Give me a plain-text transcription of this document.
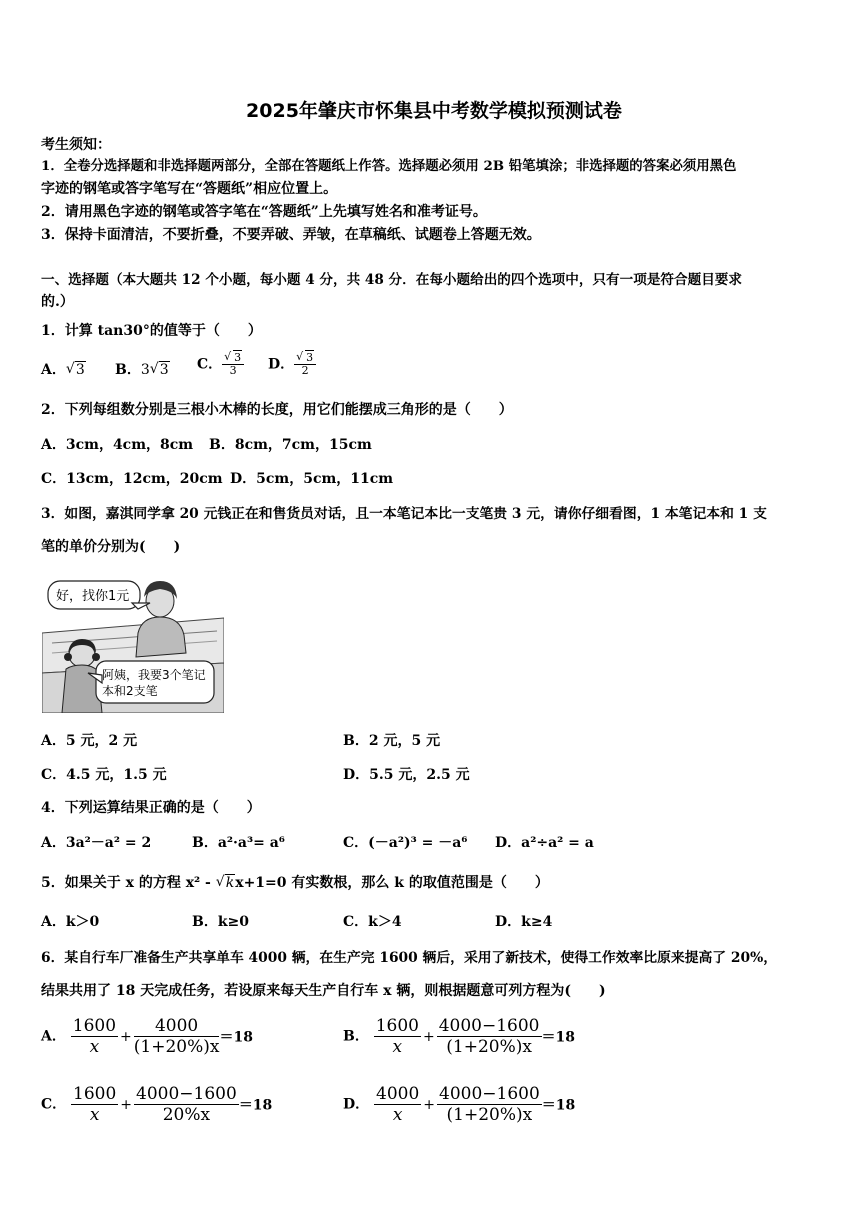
2025年肇庆市怀集县中考数学模拟预测试卷
考生须知：
1．全卷分选择题和非选择题两部分，全部在答题纸上作答。选择题必须用 2B 铅笔填涂；非选择题的答案必须用黑色
字迹的钢笔或答字笔写在“答题纸”相应位置上。
2．请用黑色字迹的钢笔或答字笔在“答题纸”上先填写姓名和准考证号。
3．保持卡面清洁，不要折叠，不要弄破、弄皱，在草稿纸、试题卷上答题无效。
一、选择题（本大题共 12 个小题，每小题 4 分，共 48 分．在每小题给出的四个选项中，只有一项是符合题目要求
的.）
1．计算 tan30°的值等于（　　）
A． √ 3 B．3 √ 3 C． √ $\frac{3}{3}$ D． √ $\frac{3}{2}$
2．下列每组数分别是三根小木棒的长度，用它们能摆成三角形的是（　　）
A．3cm，4cm，8cm B．8cm，7cm，15cm
C．13cm，12cm，20cm D．5cm，5cm，11cm
3．如图，嘉淇同学拿 20 元钱正在和售货员对话，且一本笔记本比一支笔贵 3 元，请你仔细看图，1 本笔记本和 1 支
笔的单价分别为(　　)
好，找你1元
阿姨，我要3个笔记
本和2支笔
A．5 元，2 元	B．2 元，5 元
C．4.5 元，1.5 元	D．5.5 元，2.5 元
4．下列运算结果正确的是（　　）
A．3a²－a² = 2	B．a²·a³= a⁶	C．(－a²)³ = －a⁶ D．a²÷a² = a
5．如果关于 x 的方程 x² - √ kx+1=0 有实数根，那么 k 的取值范围是（　　）
A．k＞0	B．k≥0	C．k＞4	D．k≥4
6．某自行车厂准备生产共享单车 4000 辆，在生产完 1600 辆后，采用了新技术，使得工作效率比原来提高了 20%，
结果共用了 18 天完成任务，若设原来每天生产自行车 x 辆，则根据题意可列方程为(　　)
A． $\frac{1600}{x} + \frac{4000}{(1+20\%)x} =18$	B． $\frac{1600}{x} + \frac{4000-1600}{(1+20\%)x} =18$
C． $\frac{1600}{x} + \frac{4000-1600}{20\%x} =18$	D． $\frac{4000}{x} + \frac{4000-1600}{(1+20\%)x} =18$
